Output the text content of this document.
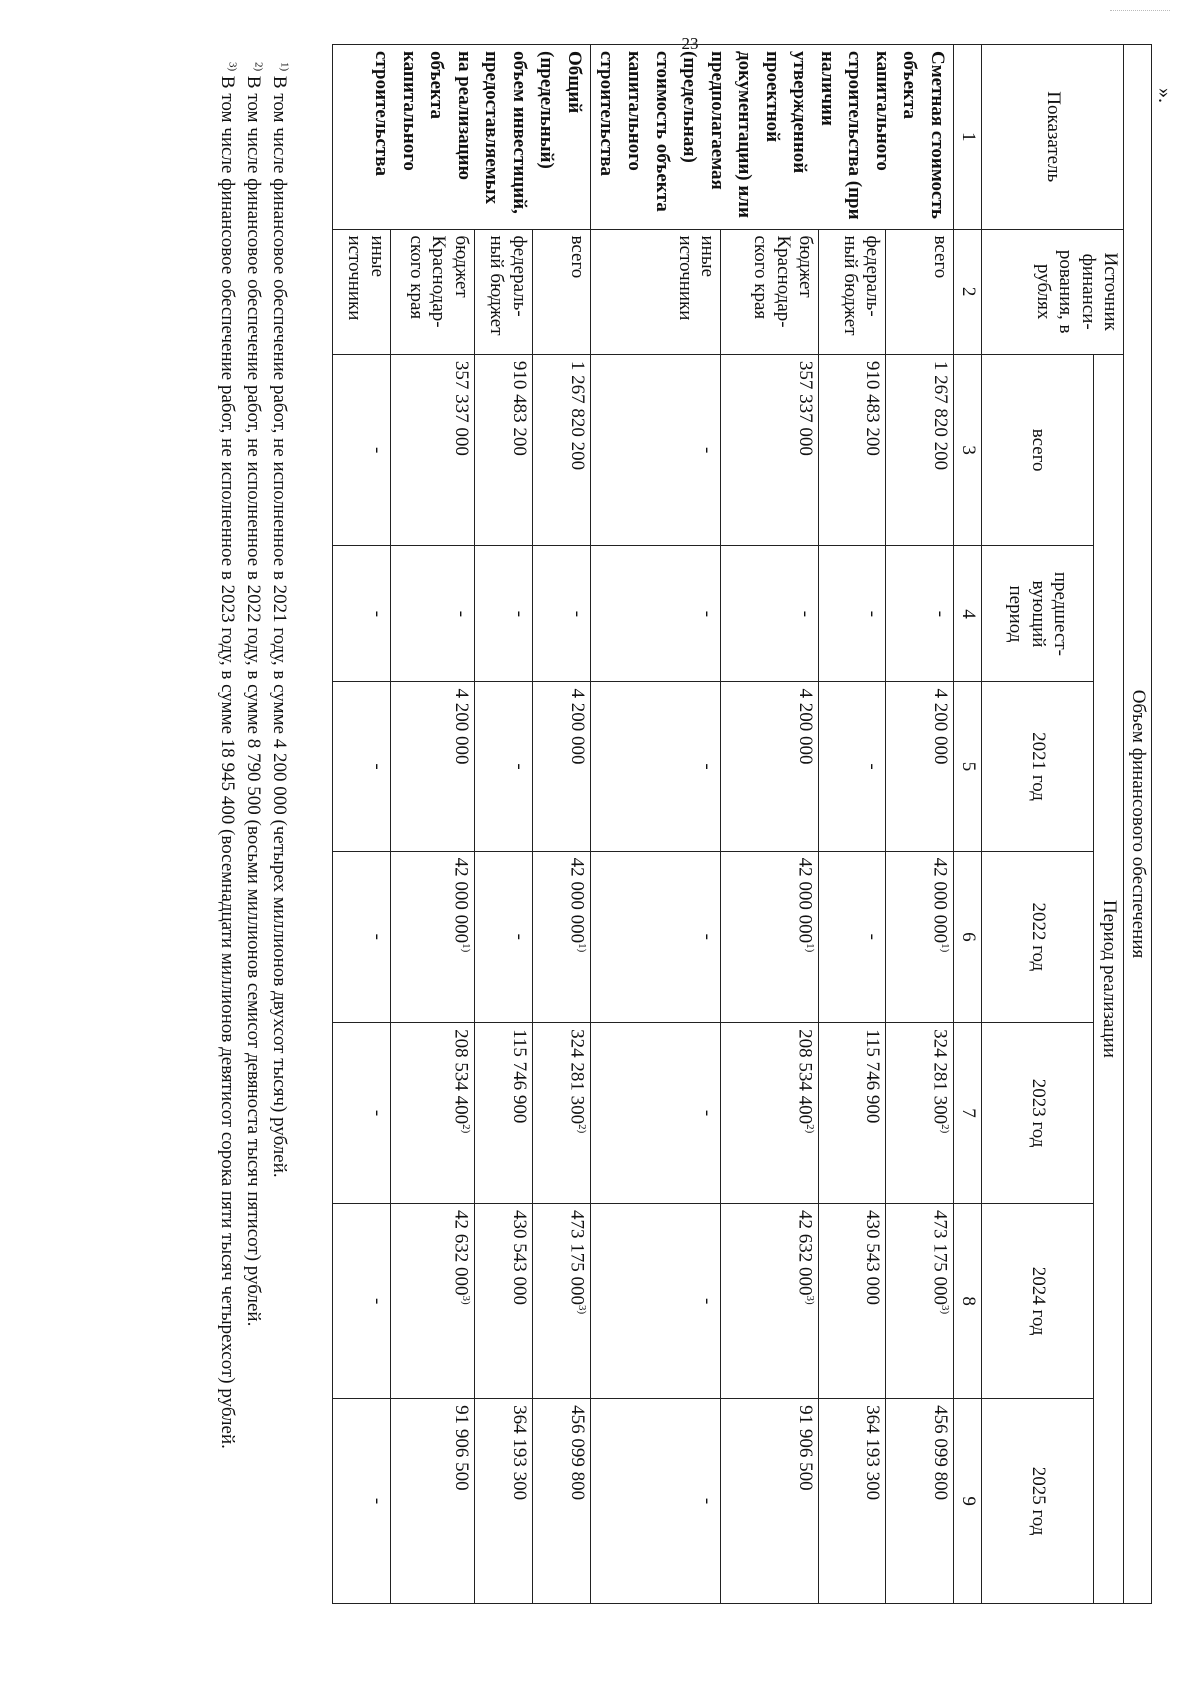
23
».
Объем финансового обеспечения								
Показатель	Источник финанси-рования, в рублях	Период реализации						
		всего	предшест-вующий период	2021 год	2022 год	2023 год	2024 год	2025 год
1	2	3	4	5	6	7	8	9
Сметная стоимость объекта капитального строительства (при наличии утвержденной проектной документации) или предполагаемая (предельная) стоимость объекта капитального строительства	всего	1 267 820 200	-	4 200 000	42 000 000$^{1)}$	324 281 300$^{2)}$	473 175 000$^{3)}$	456 099 800
	федераль-ный бюджет	910 483 200	-	-	-	115 746 900	430 543 000	364 193 300
	бюджет Краснодар-ского края	357 337 000	-	4 200 000	42 000 000$^{1)}$	208 534 400$^{2)}$	42 632 000$^{3)}$	91 906 500
	иные источники	-	-	-	-	-	-	-
Общий (предельный) объем инвестиций, предоставляемых на реализацию объекта капитального строительства	всего	1 267 820 200	-	4 200 000	42 000 000$^{1)}$	324 281 300$^{2)}$	473 175 000$^{3)}$	456 099 800
	федераль-ный бюджет	910 483 200	-	-	-	115 746 900	430 543 000	364 193 300
	бюджет Краснодар-ского края	357 337 000	-	4 200 000	42 000 000$^{1)}$	208 534 400$^{2)}$	42 632 000$^{3)}$	91 906 500
	иные источники	-	-	-	-	-	-	-

$^{1)}$ В том числе финансовое обеспечение работ, не исполненное в 2021 году, в сумме 4 200 000 (четырех миллионов двухсот тысяч) рублей.

$^{2)}$ В том числе финансовое обеспечение работ, не исполненное в 2022 году, в сумме 8 790 500 (восьми миллионов семисот девяноста тысяч пятисот) рублей.

$^{3)}$ В том числе финансовое обеспечение работ, не исполненное в 2023 году, в сумме 18 945 400 (восемнадцати миллионов девятисот сорока пяти тысяч четырехсот) рублей.
